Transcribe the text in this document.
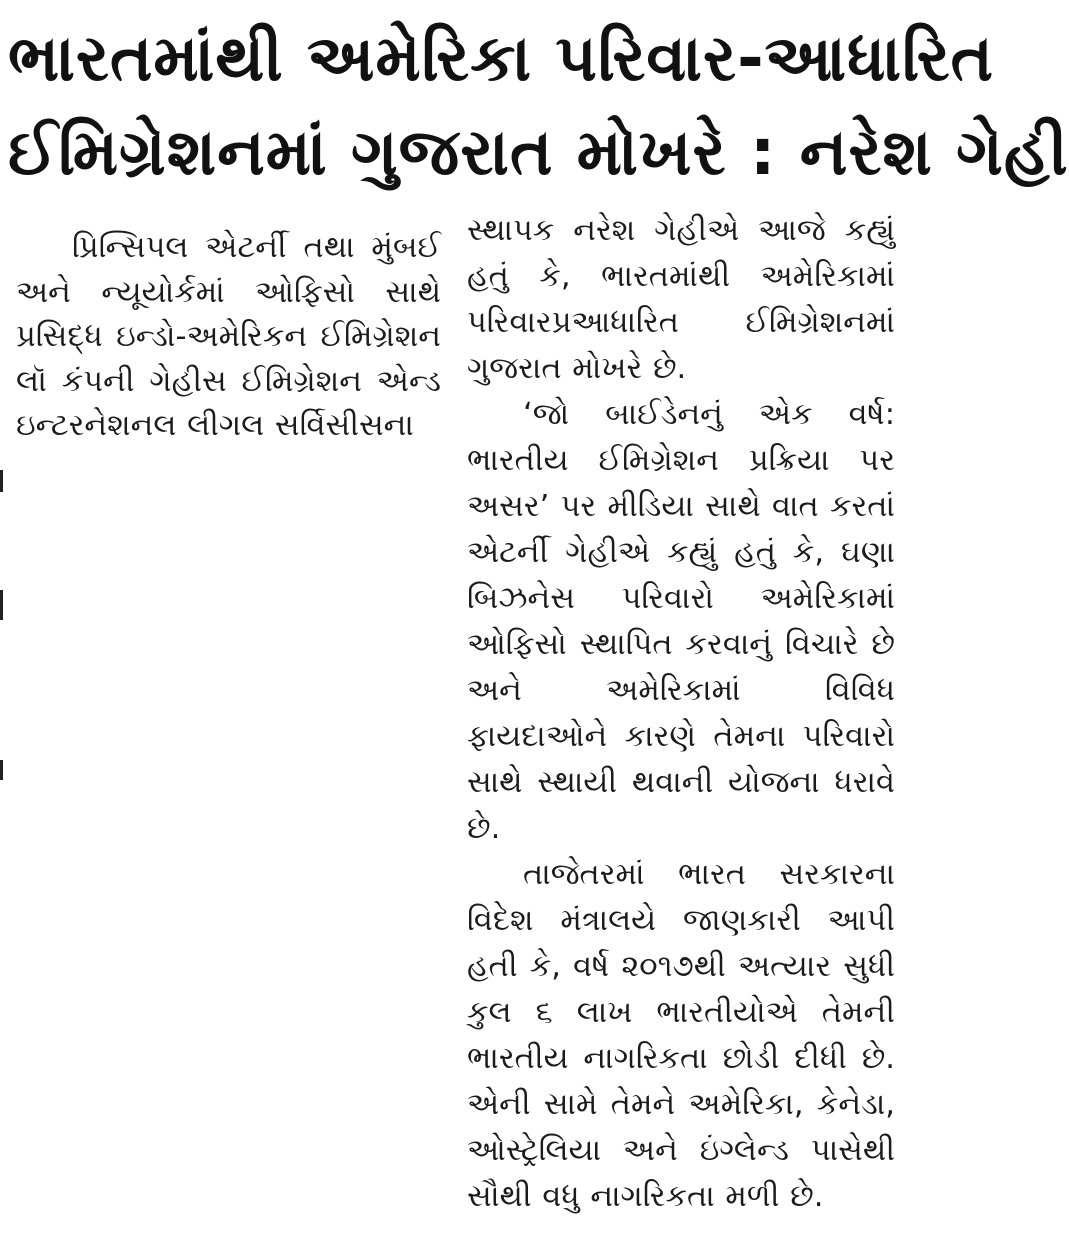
ભારતમાંથી અમેરિકા પરિવાર-આધારિત
ઈમિગ્રેશનમાં ગુજરાત મોખરે : નરેશ ગેહી

પ્રિન્સિપલ એટર્ની તથા મુંબઈ અને ન્યૂયોર્કમાં ઓફિસો સાથે પ્રસિદ્ધ ઇન્ડો-અમેરિકન ઈમિગ્રેશન લૉ કંપની ગેહીસ ઈમિગ્રેશન એન્ડ ઇન્ટરનેશનલ લીગલ સર્વિસીસના

સ્થાપક નરેશ ગેહીએ આજે કહ્યું હતું કે, ભારતમાંથી અમેરિકામાં પરિવારપ્રઆધારિત ઈમિગ્રેશનમાં ગુજરાત મોખરે છે.

‘જો બાઈડેનનું એક વર્ષ: ભારતીય ઈમિગ્રેશન પ્રક્રિયા પર અસર’ પર મીડિયા સાથે વાત કરતાં એટર્ની ગેહીએ કહ્યું હતું કે, ઘણા બિઝનેસ પરિવારો અમેરિકામાં ઓફિસો સ્થાપિત કરવાનું વિચારે છે અને અમેરિકામાં વિવિધ ફાયદાઓને કારણે તેમના પરિવારો સાથે સ્થાયી થવાની યોજના ધરાવે છે.

તાજેતરમાં ભારત સરકારના વિદેશ મંત્રાલયે જાણકારી આપી હતી કે, વર્ષ ૨૦૧૭થી અત્યાર સુધી કુલ ૬ લાખ ભારતીયોએ તેમની ભારતીય નાગરિકતા છોડી દીધી છે. એની સામે તેમને અમેરિકા, કેનેડા, ઓસ્ટ્રેલિયા અને ઇંગ્લેન્ડ પાસેથી સૌથી વધુ નાગરિકતા મળી છે.
